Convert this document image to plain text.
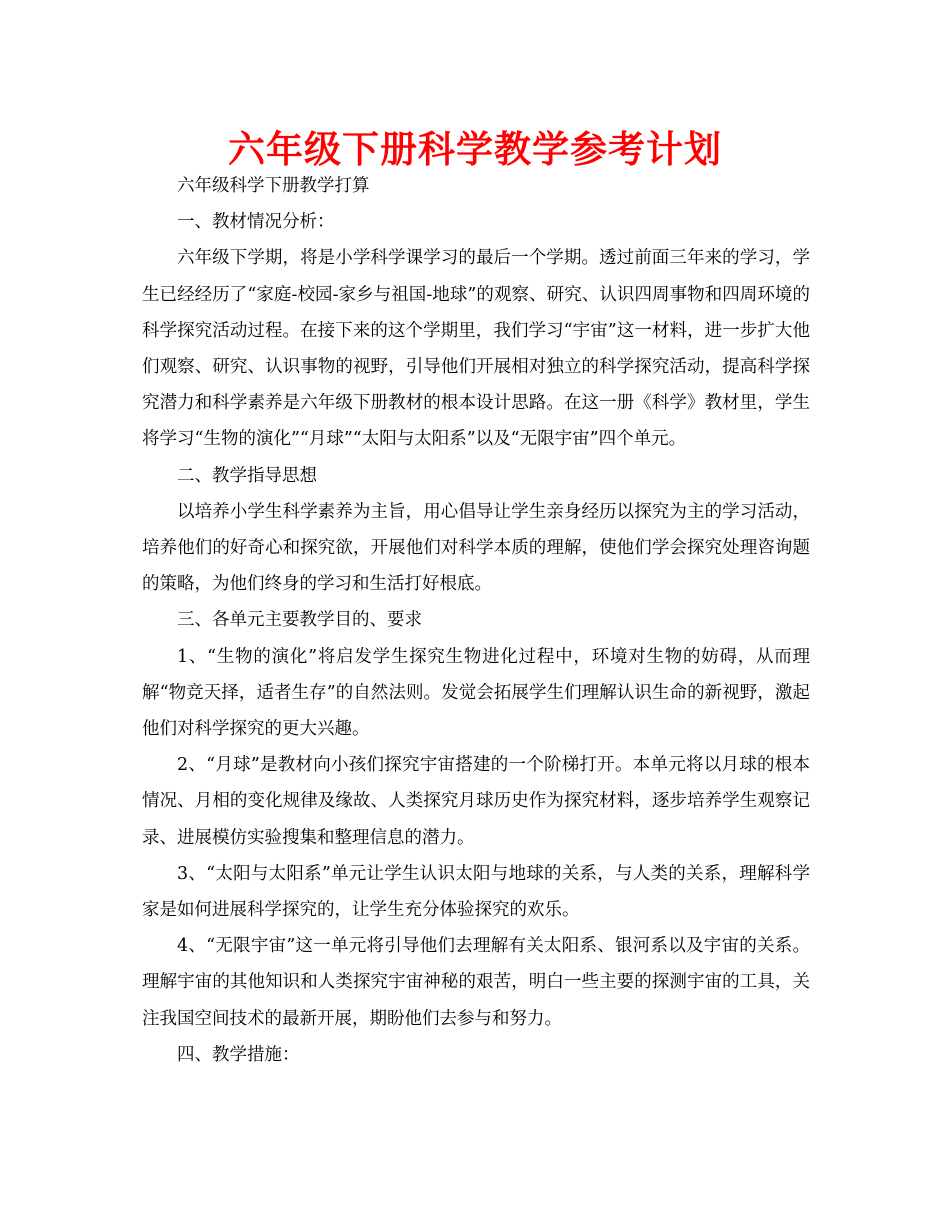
六年级下册科学教学参考计划

六年级科学下册教学打算

一、教材情况分析：

六年级下学期，将是小学科学课学习的最后一个学期。透过前面三年来的学习，学生已经经历了“家庭-校园-家乡与祖国-地球”的观察、研究、认识四周事物和四周环境的科学探究活动过程。在接下来的这个学期里，我们学习“宇宙”这一材料，进一步扩大他们观察、研究、认识事物的视野，引导他们开展相对独立的科学探究活动，提高科学探究潜力和科学素养是六年级下册教材的根本设计思路。在这一册《科学》教材里，学生将学习“生物的演化”“月球”“太阳与太阳系”以及“无限宇宙”四个单元。

二、教学指导思想

以培养小学生科学素养为主旨，用心倡导让学生亲身经历以探究为主的学习活动，培养他们的好奇心和探究欲，开展他们对科学本质的理解，使他们学会探究处理咨询题的策略，为他们终身的学习和生活打好根底。

三、各单元主要教学目的、要求

1、“生物的演化”将启发学生探究生物进化过程中，环境对生物的妨碍，从而理解“物竞天择，适者生存”的自然法则。发觉会拓展学生们理解认识生命的新视野，激起他们对科学探究的更大兴趣。

2、“月球”是教材向小孩们探究宇宙搭建的一个阶梯打开。本单元将以月球的根本情况、月相的变化规律及缘故、人类探究月球历史作为探究材料，逐步培养学生观察记录、进展模仿实验搜集和整理信息的潜力。

3、“太阳与太阳系”单元让学生认识太阳与地球的关系，与人类的关系，理解科学家是如何进展科学探究的，让学生充分体验探究的欢乐。

4、“无限宇宙”这一单元将引导他们去理解有关太阳系、银河系以及宇宙的关系。理解宇宙的其他知识和人类探究宇宙神秘的艰苦，明白一些主要的探测宇宙的工具，关注我国空间技术的最新开展，期盼他们去参与和努力。

四、教学措施：
